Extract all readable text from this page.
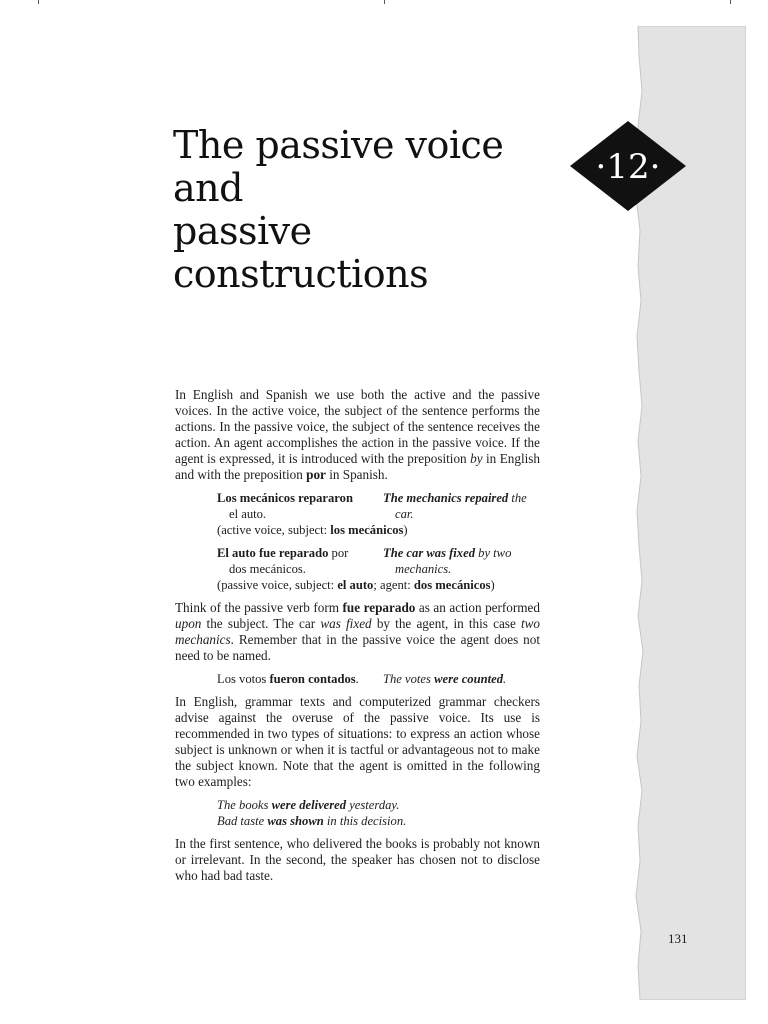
The passive voice and
passive constructions
·12·

In English and Spanish we use both the active and the passive voices. In the active voice, the subject of the sentence performs the actions. In the passive voice, the subject of the sentence receives the action. An agent accomplishes the action in the passive voice. If the agent is expressed, it is introduced with the preposition by in English and with the preposition por in Spanish.

Los mecánicos repararon
el auto.
The mechanics repaired the
car.
(active voice, subject: los mecánicos)
El auto fue reparado por
dos mecánicos.
The car was fixed by two
mechanics.
(passive voice, subject: el auto; agent: dos mecánicos)

Think of the passive verb form fue reparado as an action performed upon the subject. The car was fixed by the agent, in this case two mechanics. Remember that in the passive voice the agent does not need to be named.

Los votos fueron contados.	The votes were counted.

In English, grammar texts and computerized grammar checkers advise against the overuse of the passive voice. Its use is recommended in two types of situations: to express an action whose subject is unknown or when it is tactful or advantageous not to make the subject known. Note that the agent is omitted in the following two examples:

The books were delivered yesterday.
Bad taste was shown in this decision.

In the first sentence, who delivered the books is probably not known or irrelevant. In the second, the speaker has chosen not to disclose who had bad taste.

131
